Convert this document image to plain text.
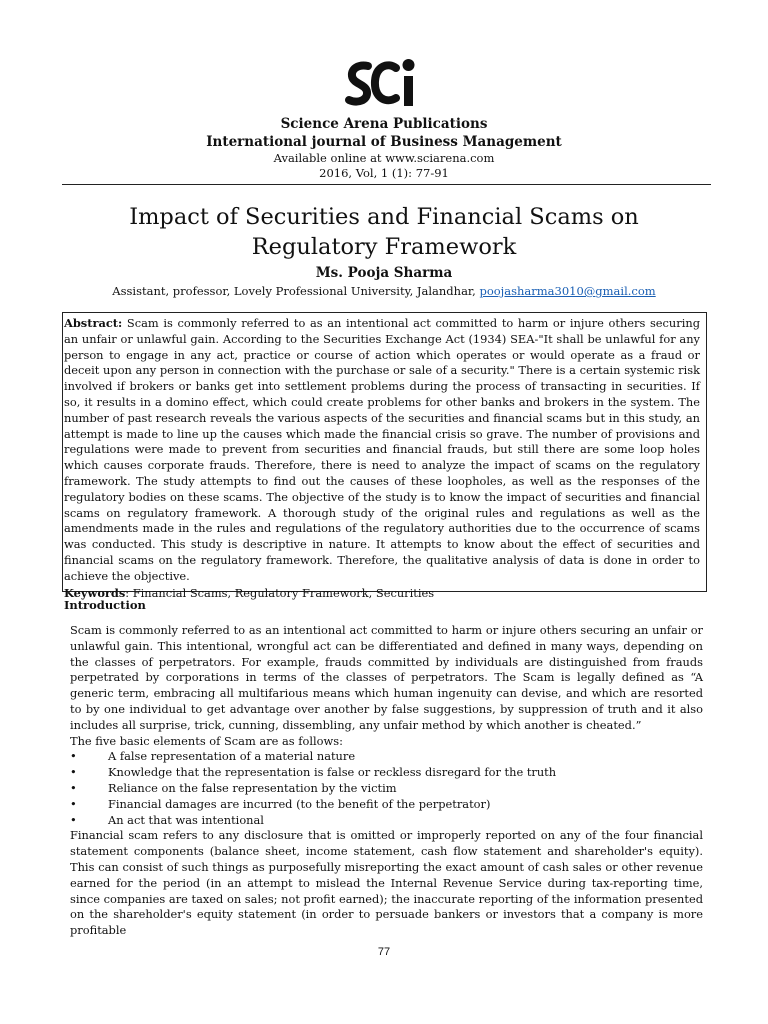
Science Arena Publications
International journal of Business Management
Available online at www.sciarena.com
2016, Vol, 1 (1): 77-91
Impact of Securities and Financial Scams on
Regulatory Framework
Ms. Pooja Sharma
Assistant, professor, Lovely Professional University, Jalandhar, poojasharma3010@gmail.com

Abstract: Scam is commonly referred to as an intentional act committed to harm or injure others securing an unfair or unlawful gain. According to the Securities Exchange Act (1934) SEA-"It shall be unlawful for any person to engage in any act, practice or course of action which operates or would operate as a fraud or deceit upon any person in connection with the purchase or sale of a security." There is a certain systemic risk involved if brokers or banks get into settlement problems during the process of transacting in securities. If so, it results in a domino effect, which could create problems for other banks and brokers in the system. The number of past research reveals the various aspects of the securities and financial scams but in this study, an attempt is made to line up the causes which made the financial crisis so grave. The number of provisions and regulations were made to prevent from securities and financial frauds, but still there are some loop holes which causes corporate frauds. Therefore, there is need to analyze the impact of scams on the regulatory framework. The study attempts to find out the causes of these loopholes, as well as the responses of the regulatory bodies on these scams. The objective of the study is to know the impact of securities and financial scams on regulatory framework. A thorough study of the original rules and regulations as well as the amendments made in the rules and regulations of the regulatory authorities due to the occurrence of scams was conducted. This study is descriptive in nature. It attempts to know about the effect of securities and financial scams on the regulatory framework. Therefore, the qualitative analysis of data is done in order to achieve the objective.

Keywords: Financial Scams, Regulatory Framework, Securities

Introduction

Scam is commonly referred to as an intentional act committed to harm or injure others securing an unfair or unlawful gain. This intentional, wrongful act can be differentiated and defined in many ways, depending on the classes of perpetrators. For example, frauds committed by individuals are distinguished from frauds perpetrated by corporations in terms of the classes of perpetrators. The Scam is legally defined as “A generic term, embracing all multifarious means which human ingenuity can devise, and which are resorted to by one individual to get advantage over another by false suggestions, by suppression of truth and it also includes all surprise, trick, cunning, dissembling, any unfair method by which another is cheated.”

The five basic elements of Scam are as follows:

•	A false representation of a material nature
•	Knowledge that the representation is false or reckless disregard for the truth
•	Reliance on the false representation by the victim
•	Financial damages are incurred (to the benefit of the perpetrator)
•	An act that was intentional

Financial scam refers to any disclosure that is omitted or improperly reported on any of the four financial statement components (balance sheet, income statement, cash flow statement and shareholder's equity). This can consist of such things as purposefully misreporting the exact amount of cash sales or other revenue earned for the period (in an attempt to mislead the Internal Revenue Service during tax-reporting time, since companies are taxed on sales; not profit earned); the inaccurate reporting of the information presented on the shareholder's equity statement (in order to persuade bankers or investors that a company is more profitable

77
